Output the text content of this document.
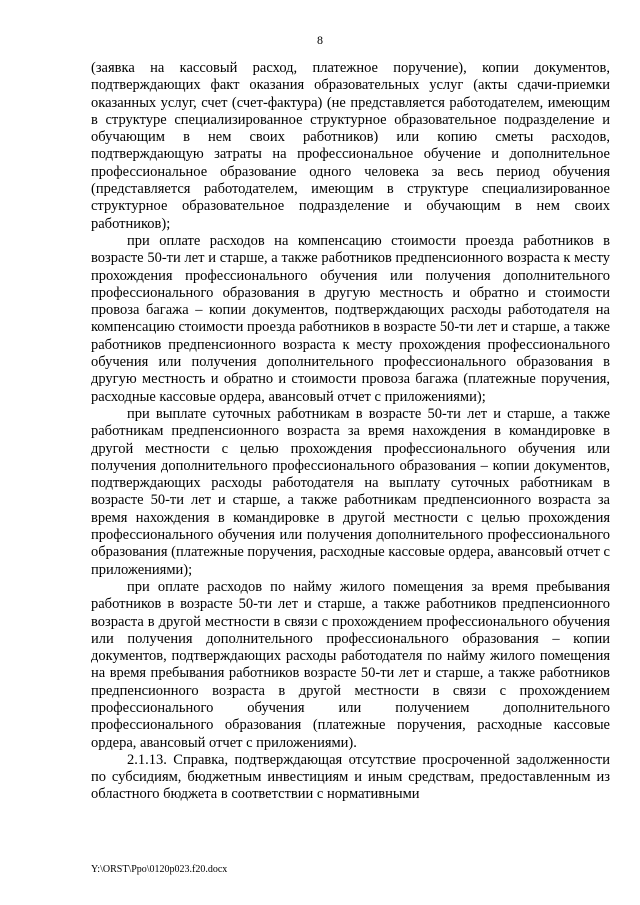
8

(заявка на кассовый расход, платежное поручение), копии документов, подтверждающих факт оказания образовательных услуг (акты сдачи-приемки оказанных услуг, счет (счет-фактура) (не представляется работодателем, имеющим в структуре специализированное структурное образовательное подразделение и обучающим в нем своих работников) или копию сметы расходов, подтверждающую затраты на профессиональное обучение и дополнительное профессиональное образование одного человека за весь период обучения (представляется работодателем, имеющим в структуре специализированное структурное образовательное подразделение и обучающим в нем своих работников);

при оплате расходов на компенсацию стоимости проезда работников в возрасте 50-ти лет и старше, а также работников предпенсионного возраста к месту прохождения профессионального обучения или получения дополнительного профессионального образования в другую местность и обратно и стоимости провоза багажа – копии документов, подтверждающих расходы работодателя на компенсацию стоимости проезда работников в возрасте 50-ти лет и старше, а также работников предпенсионного возраста к месту прохождения профессионального обучения или получения дополнительного профессионального образования в другую местность и обратно и стоимости провоза багажа (платежные поручения, расходные кассовые ордера, авансовый отчет с приложениями);

при выплате суточных работникам в возрасте 50-ти лет и старше, а также работникам предпенсионного возраста за время нахождения в командировке в другой местности с целью прохождения профессионального обучения или получения дополнительного профессионального образования – копии документов, подтверждающих расходы работодателя на выплату суточных работникам в возрасте 50-ти лет и старше, а также работникам предпенсионного возраста за время нахождения в командировке в другой местности с целью прохождения профессионального обучения или получения дополнительного профессионального образования (платежные поручения, расходные кассовые ордера, авансовый отчет с приложениями);

при оплате расходов по найму жилого помещения за время пребывания работников в возрасте 50-ти лет и старше, а также работников предпенсионного возраста в другой местности в связи с прохождением профессионального обучения или получения дополнительного профессионального образования – копии документов, подтверждающих расходы работодателя по найму жилого помещения на время пребывания работников возрасте 50-ти лет и старше, а также работников предпенсионного возраста в другой местности в связи с прохождением профессионального обучения или получением дополнительного профессионального образования (платежные поручения, расходные кассовые ордера, авансовый отчет с приложениями).

2.1.13. Справка, подтверждающая отсутствие просроченной задолженности по субсидиям, бюджетным инвестициям и иным средствам, предоставленным из областного бюджета в соответствии с нормативными

Y:\ORST\Ppo\0120p023.f20.docx
